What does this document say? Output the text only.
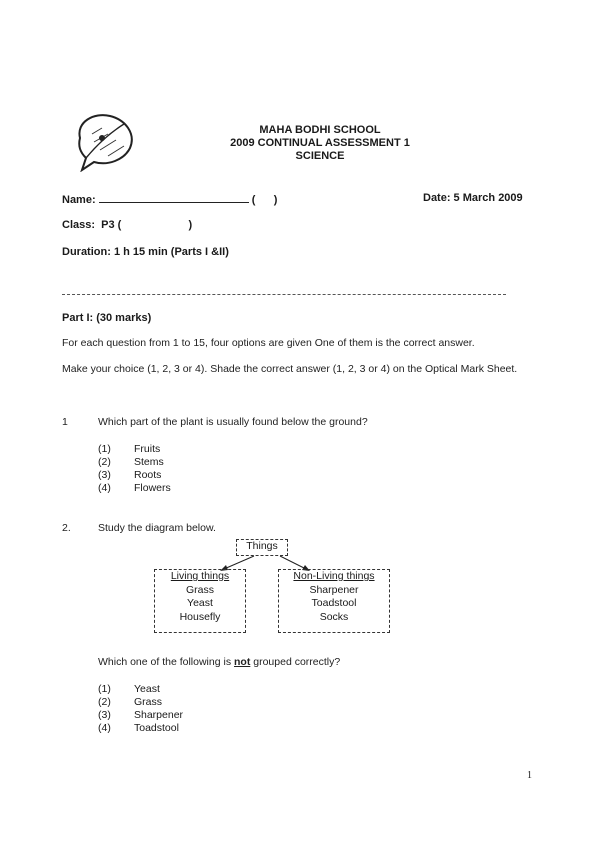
MAHA BODHI SCHOOL
2009 CONTINUAL ASSESSMENT 1
SCIENCE
Name:	(      )	Date: 5 March 2009
Class:  P3 (                      )
Duration: 1 h 15 min (Parts I &II)
Part I: (30 marks)
For each question from 1 to 15, four options are given One of them is the correct answer.
Make your choice (1, 2, 3 or 4). Shade the correct answer (1, 2, 3 or 4) on the Optical Mark Sheet.
1	Which part of the plant is usually found below the ground?
(1) Fruits
(2) Stems
(3) Roots
(4) Flowers
2.	Study the diagram below.
Things
Living things
Grass
Yeast
Housefly
Non-Living things
Sharpener
Toadstool
Socks
Which one of the following is not grouped correctly?
(1) Yeast
(2) Grass
(3) Sharpener
(4) Toadstool
1
